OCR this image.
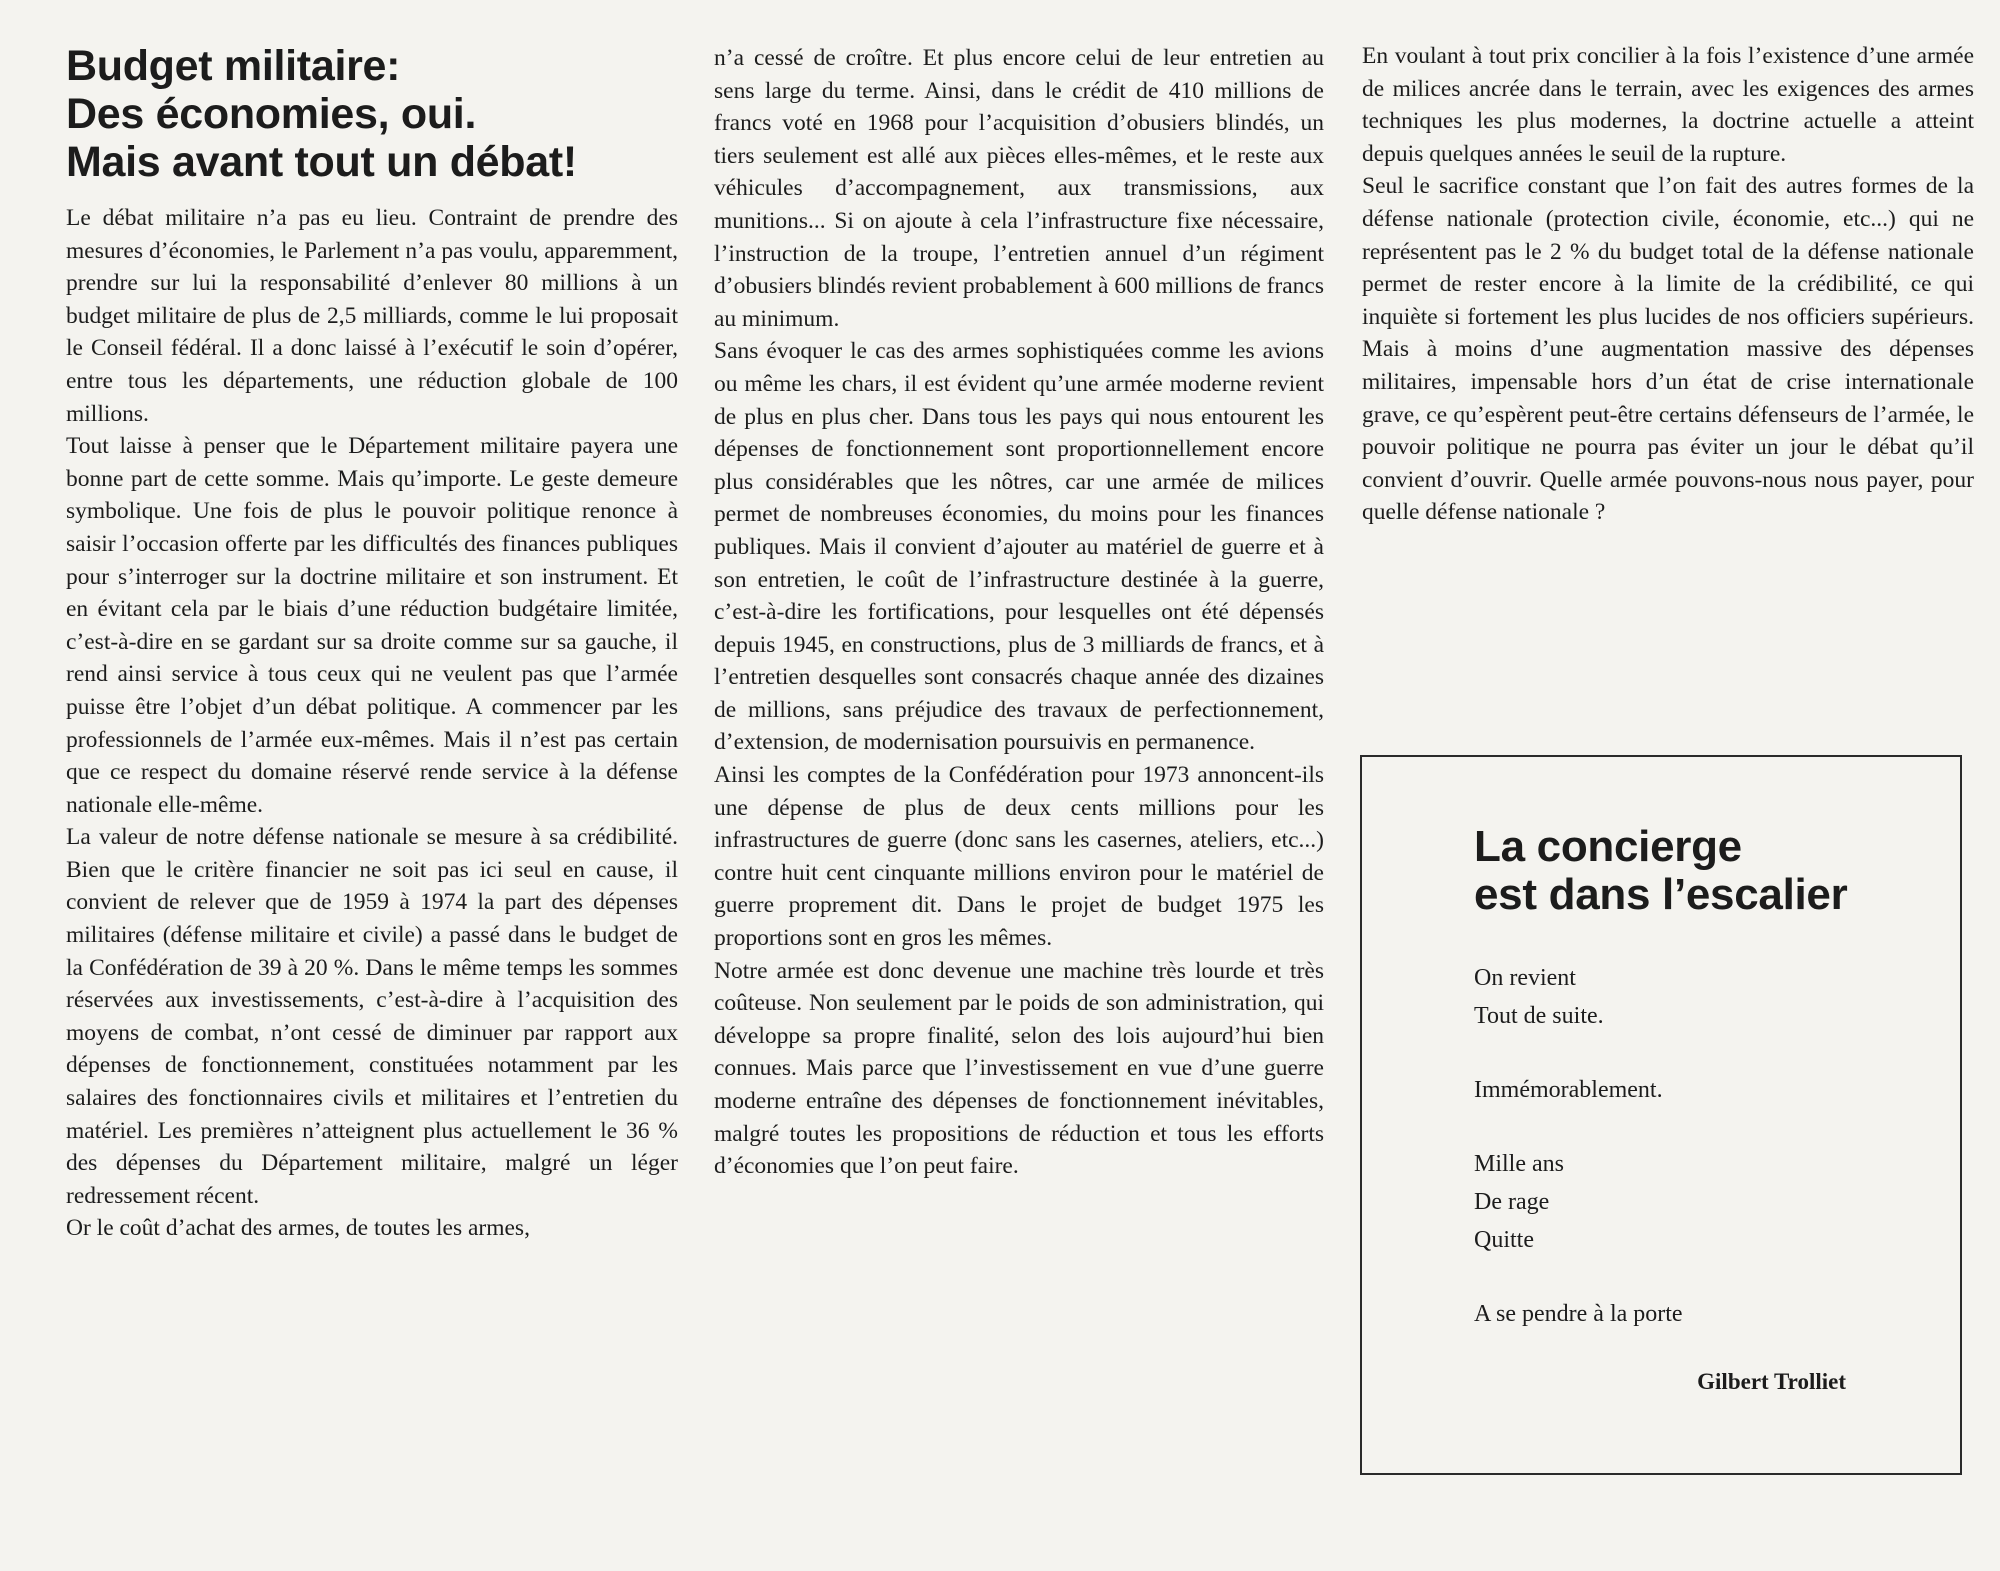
Budget militaire:
Des économies, oui.
Mais avant tout un débat!

Le débat militaire n’a pas eu lieu. Contraint de prendre des mesures d’économies, le Parlement n’a pas voulu, apparemment, prendre sur lui la responsabilité d’enlever 80 millions à un budget militaire de plus de 2,5 milliards, comme le lui proposait le Conseil fédéral. Il a donc laissé à l’exécutif le soin d’opérer, entre tous les départements, une réduction globale de 100 millions.

Tout laisse à penser que le Département militaire payera une bonne part de cette somme. Mais qu’importe. Le geste demeure symbolique. Une fois de plus le pouvoir politique renonce à saisir l’occasion offerte par les difficultés des finances publiques pour s’interroger sur la doctrine militaire et son instrument. Et en évitant cela par le biais d’une réduction budgétaire limitée, c’est-à-dire en se gardant sur sa droite comme sur sa gauche, il rend ainsi service à tous ceux qui ne veulent pas que l’armée puisse être l’objet d’un débat politique. A commencer par les professionnels de l’armée eux-mêmes. Mais il n’est pas certain que ce respect du domaine réservé rende service à la défense nationale elle-même.

La valeur de notre défense nationale se mesure à sa crédibilité. Bien que le critère financier ne soit pas ici seul en cause, il convient de relever que de 1959 à 1974 la part des dépenses militaires (défense militaire et civile) a passé dans le budget de la Confédération de 39 à 20 %. Dans le même temps les sommes réservées aux investissements, c’est-à-dire à l’acquisition des moyens de combat, n’ont cessé de diminuer par rapport aux dépenses de fonctionnement, constituées notamment par les salaires des fonctionnaires civils et militaires et l’entretien du matériel. Les premières n’atteignent plus actuellement le 36 % des dépenses du Département militaire, malgré un léger redressement récent.

Or le coût d’achat des armes, de toutes les armes,

n’a cessé de croître. Et plus encore celui de leur entretien au sens large du terme. Ainsi, dans le crédit de 410 millions de francs voté en 1968 pour l’acquisition d’obusiers blindés, un tiers seulement est allé aux pièces elles-mêmes, et le reste aux véhicules d’accompagnement, aux transmissions, aux munitions... Si on ajoute à cela l’infrastructure fixe nécessaire, l’instruction de la troupe, l’entretien annuel d’un régiment d’obusiers blindés revient probablement à 600 millions de francs au minimum.

Sans évoquer le cas des armes sophistiquées comme les avions ou même les chars, il est évident qu’une armée moderne revient de plus en plus cher. Dans tous les pays qui nous entourent les dépenses de fonctionnement sont proportionnellement encore plus considérables que les nôtres, car une armée de milices permet de nombreuses économies, du moins pour les finances publiques. Mais il convient d’ajouter au matériel de guerre et à son entretien, le coût de l’infrastructure destinée à la guerre, c’est-à-dire les fortifications, pour lesquelles ont été dépensés depuis 1945, en constructions, plus de 3 milliards de francs, et à l’entretien desquelles sont consacrés chaque année des dizaines de millions, sans préjudice des travaux de perfectionnement, d’extension, de modernisation poursuivis en permanence.

Ainsi les comptes de la Confédération pour 1973 annoncent-ils une dépense de plus de deux cents millions pour les infrastructures de guerre (donc sans les casernes, ateliers, etc...) contre huit cent cinquante millions environ pour le matériel de guerre proprement dit. Dans le projet de budget 1975 les proportions sont en gros les mêmes.

Notre armée est donc devenue une machine très lourde et très coûteuse. Non seulement par le poids de son administration, qui développe sa propre finalité, selon des lois aujourd’hui bien connues. Mais parce que l’investissement en vue d’une guerre moderne entraîne des dépenses de fonctionnement inévitables, malgré toutes les propositions de réduction et tous les efforts d’économies que l’on peut faire.

En voulant à tout prix concilier à la fois l’existence d’une armée de milices ancrée dans le terrain, avec les exigences des armes techniques les plus modernes, la doctrine actuelle a atteint depuis quelques années le seuil de la rupture.

Seul le sacrifice constant que l’on fait des autres formes de la défense nationale (protection civile, économie, etc...) qui ne représentent pas le 2 % du budget total de la défense nationale permet de rester encore à la limite de la crédibilité, ce qui inquiète si fortement les plus lucides de nos officiers supérieurs. Mais à moins d’une augmentation massive des dépenses militaires, impensable hors d’un état de crise internationale grave, ce qu’espèrent peut-être certains défenseurs de l’armée, le pouvoir politique ne pourra pas éviter un jour le débat qu’il convient d’ouvrir. Quelle armée pouvons-nous nous payer, pour quelle défense nationale ?

La concierge
est dans l’escalier
On revient
Tout de suite.
Immémorablement.
Mille ans
De rage
Quitte
A se pendre à la porte
Gilbert Trolliet
